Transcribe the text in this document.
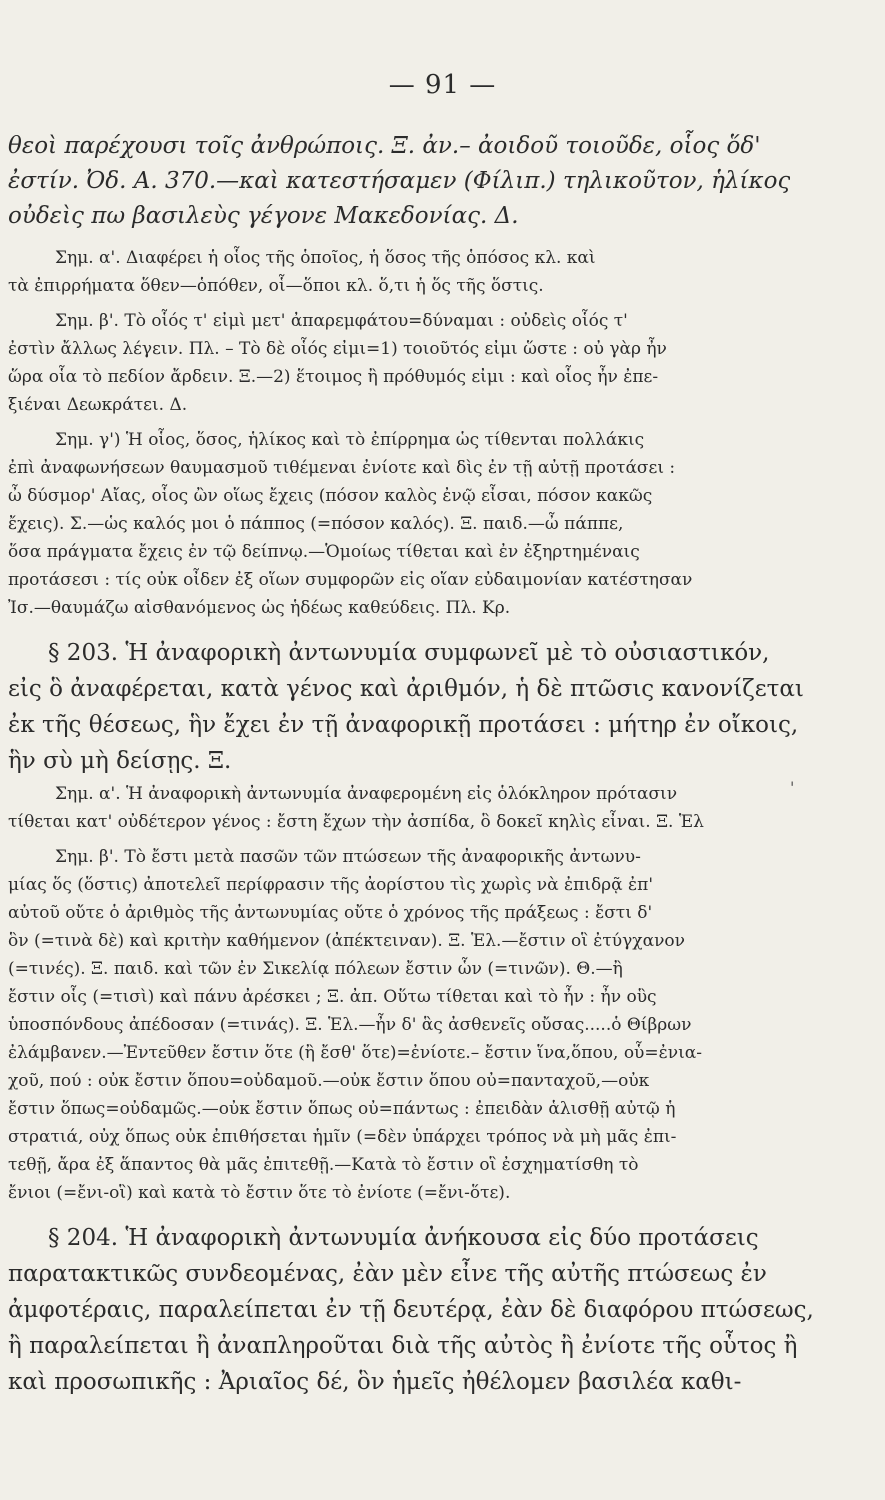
— 91 —
θεοὶ παρέχουσι τοῖς ἀνθρώποις. Ξ. ἀν.– ἀοιδοῦ τοιοῦδε, οἷος ὅδ'
ἐστίν. Ὀδ. Α. 370.—καὶ κατεστήσαμεν (Φίλιπ.) τηλικοῦτον, ἡλίκος
οὐδεὶς πω βασιλεὺς γέγονε Μακεδονίας. Δ.
Σημ. α'. Διαφέρει ἡ οἷος τῆς ὁποῖος, ἡ ὅσος τῆς ὁπόσος κλ. καὶ
τὰ ἐπιρρήματα ὅθεν—ὁπόθεν, οἷ—ὅποι κλ. ὅ,τι ἡ ὅς τῆς ὅστις.
Σημ. β'. Τὸ οἷός τ' εἰμὶ μετ' ἀπαρεμφάτου=δύναμαι : οὐδεὶς οἷός τ'
ἐστὶν ἄλλως λέγειν. Πλ. – Τὸ δὲ οἷός εἰμι=1) τοιοῦτός εἰμι ὥστε : οὐ γὰρ ἦν
ὥρα οἷα τὸ πεδίον ἄρδειν. Ξ.—2) ἕτοιμος ἢ πρόθυμός εἰμι : καὶ οἷος ἦν ἐπε-
ξιέναι Δεωκράτει. Δ.
Σημ. γ') Ἡ οἷος, ὅσος, ἡλίκος καὶ τὸ ἐπίρρημα ὡς τίθενται πολλάκις
ἐπὶ ἀναφωνήσεων θαυμασμοῦ τιθέμεναι ἐνίοτε καὶ δὶς ἐν τῇ αὐτῇ προτάσει :
ὦ δύσμορ' Αἴας, οἷος ὢν οἵως ἔχεις (πόσον καλὸς ἐνῷ εἶσαι, πόσον κακῶς
ἔχεις). Σ.—ὡς καλός μοι ὁ πάππος (=πόσον καλός). Ξ. παιδ.—ὦ πάππε,
ὅσα πράγματα ἔχεις ἐν τῷ δείπνῳ.—Ὁμοίως τίθεται καὶ ἐν ἐξηρτημέναις
προτάσεσι : τίς οὐκ οἶδεν ἐξ οἵων συμφορῶν εἰς οἵαν εὐδαιμονίαν κατέστησαν
Ἰσ.—θαυμάζω αἰσθανόμενος ὡς ἡδέως καθεύδεις. Πλ. Κρ.
§ 203. Ἡ ἀναφορικὴ ἀντωνυμία συμφωνεῖ μὲ τὸ οὐσιαστικόν,
εἰς ὃ ἀναφέρεται, κατὰ γένος καὶ ἀριθμόν, ἡ δὲ πτῶσις κανονίζεται
ἐκ τῆς θέσεως, ἣν ἔχει ἐν τῇ ἀναφορικῇ προτάσει : μήτηρ ἐν οἴκοις,
ἣν σὺ μὴ δείσῃς. Ξ.
Σημ. α'. Ἡ ἀναφορικὴ ἀντωνυμία ἀναφερομένη εἰς ὁλόκληρον πρότασιν
τίθεται κατ' οὐδέτερον γένος : ἔστη ἔχων τὴν ἀσπίδα, ὃ δοκεῖ κηλὶς εἶναι. Ξ. Ἑλ
'
Σημ. β'. Τὸ ἔστι μετὰ πασῶν τῶν πτώσεων τῆς ἀναφορικῆς ἀντωνυ-
μίας ὅς (ὅστις) ἀποτελεῖ περίφρασιν τῆς ἀορίστου τὶς χωρὶς νὰ ἐπιδρᾷ ἐπ'
αὐτοῦ οὔτε ὁ ἀριθμὸς τῆς ἀντωνυμίας οὔτε ὁ χρόνος τῆς πράξεως : ἔστι δ'
ὃν (=τινὰ δὲ) καὶ κριτὴν καθήμενον (ἀπέκτειναν). Ξ. Ἑλ.—ἔστιν οἳ ἐτύγχανον
(=τινές). Ξ. παιδ. καὶ τῶν ἐν Σικελίᾳ πόλεων ἔστιν ὧν (=τινῶν). Θ.—ἢ
ἔστιν οἷς (=τισὶ) καὶ πάνυ ἀρέσκει ; Ξ. ἀπ. Οὕτω τίθεται καὶ τὸ ἦν : ἦν οὓς
ὑποσπόνδους ἀπέδοσαν (=τινάς). Ξ. Ἑλ.—ἦν δ' ἃς ἀσθενεῖς οὔσας.....ὁ Θίβρων
ἐλάμβανεν.—Ἐντεῦθεν ἔστιν ὅτε (ἢ ἔσθ' ὅτε)=ἐνίοτε.– ἔστιν ἵνα,ὅπου, οὗ=ἐνια-
χοῦ, πού : οὐκ ἔστιν ὅπου=οὐδαμοῦ.—οὐκ ἔστιν ὅπου οὐ=πανταχοῦ,—οὐκ
ἔστιν ὅπως=οὐδαμῶς.—οὐκ ἔστιν ὅπως οὐ=πάντως : ἐπειδὰν ἁλισθῇ αὐτῷ ἡ
στρατιά, οὐχ ὅπως οὐκ ἐπιθήσεται ἡμῖν (=δὲν ὑπάρχει τρόπος νὰ μὴ μᾶς ἐπι-
τεθῇ, ἄρα ἐξ ἅπαντος θὰ μᾶς ἐπιτεθῇ.—Κατὰ τὸ ἔστιν οἳ ἐσχηματίσθη τὸ
ἔνιοι (=ἔνι-οἳ) καὶ κατὰ τὸ ἔστιν ὅτε τὸ ἐνίοτε (=ἔνι-ὅτε).
§ 204. Ἡ ἀναφορικὴ ἀντωνυμία ἀνήκουσα εἰς δύο προτάσεις
παρατακτικῶς συνδεομένας, ἐὰν μὲν εἶνε τῆς αὐτῆς πτώσεως ἐν
ἀμφοτέραις, παραλείπεται ἐν τῇ δευτέρᾳ, ἐὰν δὲ διαφόρου πτώσεως,
ἢ παραλείπεται ἢ ἀναπληροῦται διὰ τῆς αὐτὸς ἢ ἐνίοτε τῆς οὗτος ἢ
καὶ προσωπικῆς : Ἀριαῖος δέ, ὃν ἡμεῖς ἠθέλομεν βασιλέα καθι-
